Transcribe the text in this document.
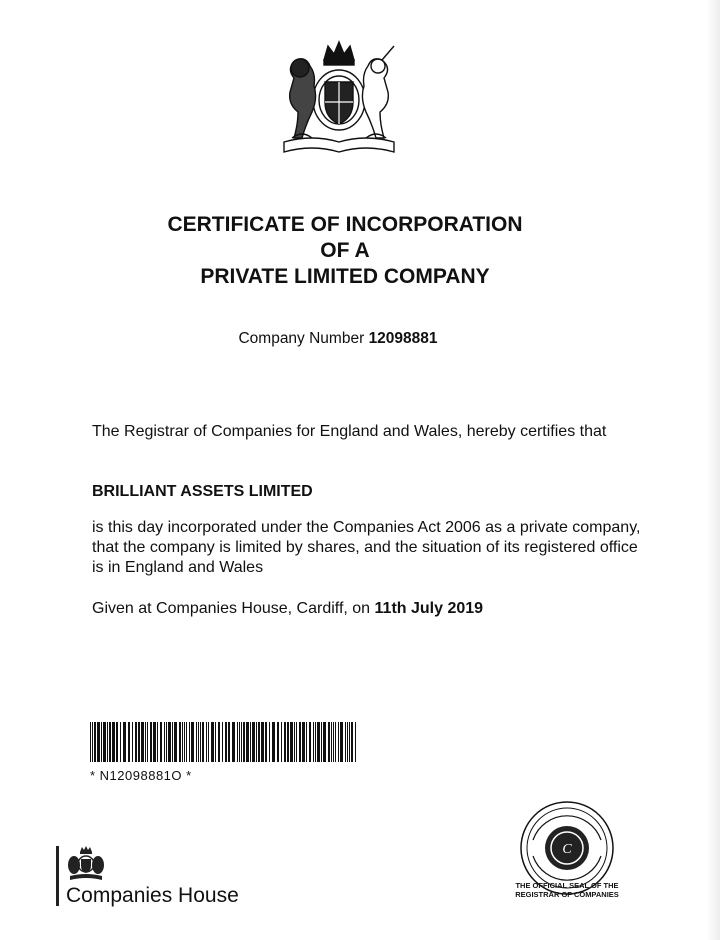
CERTIFICATE OF INCORPORATION
OF A
PRIVATE LIMITED COMPANY
Company Number 12098881
The Registrar of Companies for England and Wales, hereby certifies that
BRILLIANT ASSETS LIMITED
is this day incorporated under the Companies Act 2006 as a private company, that the company is limited by shares, and the situation of its registered office is in England and Wales
Given at Companies House, Cardiff, on 11th July 2019
* N12098881O *
Companies House
C
THE OFFICIAL SEAL OF THE
REGISTRAR OF COMPANIES
